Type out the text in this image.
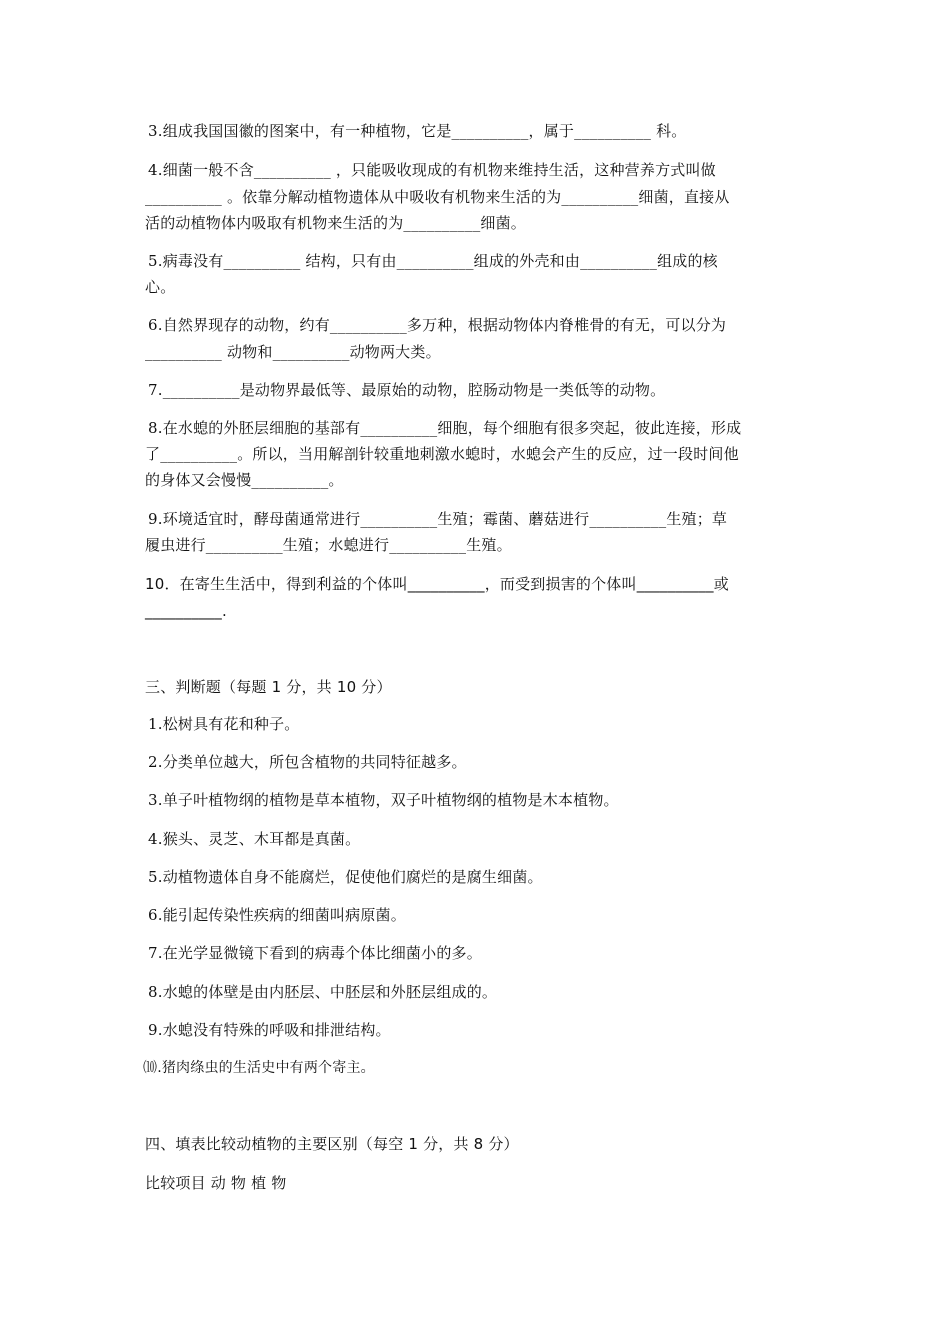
3.组成我国国徽的图案中，有一种植物，它是__________，属于__________ 科。
4.细菌一般不含__________ ，只能吸收现成的有机物来维持生活，这种营养方式叫做
__________ 。依靠分解动植物遗体从中吸收有机物来生活的为__________细菌，直接从
活的动植物体内吸取有机物来生活的为__________细菌。
5.病毒没有__________ 结构，只有由__________组成的外壳和由__________组成的核
心。
6.自然界现存的动物，约有__________多万种，根据动物体内脊椎骨的有无，可以分为
__________ 动物和__________动物两大类。
7.__________是动物界最低等、最原始的动物，腔肠动物是一类低等的动物。
8.在水螅的外胚层细胞的基部有__________细胞，每个细胞有很多突起，彼此连接，形成
了__________。所以，当用解剖针较重地刺激水螅时，水螅会产生的反应，过一段时间他
的身体又会慢慢__________。
9.环境适宜时，酵母菌通常进行__________生殖；霉菌、蘑菇进行__________生殖；草
履虫进行__________生殖；水螅进行__________生殖。
10．在寄生生活中，得到利益的个体叫__________，而受到损害的个体叫__________或
__________.
三、判断题（每题 1 分，共 10 分）
1.松树具有花和种子。
2.分类单位越大，所包含植物的共同特征越多。
3.单子叶植物纲的植物是草本植物，双子叶植物纲的植物是木本植物。
4.猴头、灵芝、木耳都是真菌。
5.动植物遗体自身不能腐烂，促使他们腐烂的是腐生细菌。
6.能引起传染性疾病的细菌叫病原菌。
7.在光学显微镜下看到的病毒个体比细菌小的多。
8.水螅的体壁是由内胚层、中胚层和外胚层组成的。
9.水螅没有特殊的呼吸和排泄结构。
⑽.猪肉绦虫的生活史中有两个寄主。
四、填表比较动植物的主要区别（每空 1 分，共 8 分）
比较项目 动 物 植 物
